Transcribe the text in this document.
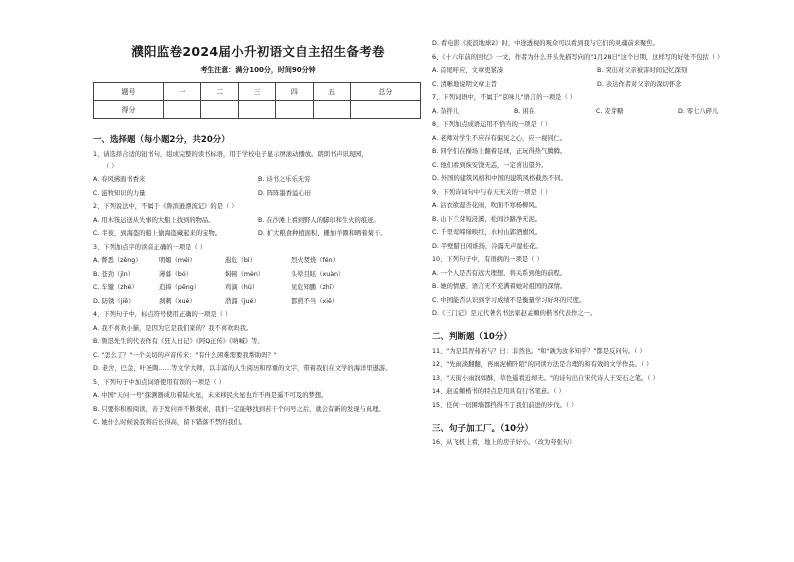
濮阳监卷2024届小升初语文自主招生备考卷
考生注意：满分100分，时间90分钟
题号	一	二	三	四	五	总分
得分						
一、选择题（每小题2分，共20分）
1、请选择合适的钮书句，组成完整的读书标语，用于学校电子显示屏滚动播放。朗朗书声讯现园，
（ ）
A. 春风拂面书香来	B. 诗书之乐乐无穷
C. 滋牧知识的力量	D. 阵阵墨香溢心田
2、下列说法中，不属于《鲁滨逊漂流记》的是（ ）
A. 用木筏运送从失事的大船上找到的物品。	B. 在沙滩上看到野人的脚印和生火的痕迹。
C. 半夜，到海盗的船上偷海盗藏起来的宝物。	D. 扩大粮食种植面积，栅加羊圈和晒着菊干。
3、下列加点字的读音正确的一项是（ ）
A. 瞥悉（zēng）	明媚（méi）	遐危（bì）	烈火焚烧（fén）
B. 苍劲（jìn）	薄暮（bó）	焖顿（mèn）	头晕目眩（xuàn）
C. 车辙（zhé）	追捧（pěng）	鸡滴（hù）	见危知鹏（zhī）
D. 防锈（jiē）	刹刺（xuè）	潜溜（jué）	都煎不当（xiē）
4、下列句子中，标点符号使用正确的一项是（ ）
A. 我不喜欢小猫，是因为它是我们家的？我不喜欢吗我。
B. 鲁迅先生的代表作有《狂人日记》《阿Q正传》《呐喊》等。
C. "怎么了？"一个关切的声音传来："有什么困难需要我帮助吗？"
D. 老舍，巴金，叶圣陶……等文学大师，以丰富的人生阅历和厚重的文字，带着我们在文学的海洋里遨游。
5、下列句子中加点词语使用有误的一项是（ ）
A. 中国"天问一号"探测器成功着陆火星，未来移民火星也许不再是遥不可及的梦想。
B. 只要你积极阅读，善于发问并不断探索，我们一定能够找到若干个问号之后，就会有新的发现与真理。
C. 她什么时候说我将后长得高，留下错落不禁的我们。
D. 看电影《流浪地球2》时，中途透视的观众可以看到我与它们的灵魂前来聚焦。
6、《十六年前的回忆》一文，作者为什么开头先描写向的"1月28日"这个日期，这样写的好处不包括（ ）
A. 首尾呼应，文章更紧凑	B. 突出对父亲被害时间记忆深刻
C. 清晰地说明文章主旨	D. 表达作者对父亲的深切怀念
7、下列词语中，不属于"京味儿"语言的一项是（ ）
A. 杂拌儿	B. 闲在	C. 麦芽糖	D. 零七八碎儿
8、下列加点成语运用不恰当的一项是（ ）
A. 老师对学生不应存有偏见之心，应一视同仁。
B. 同学们在操场上翻着足球，正玩得热气腾腾。
C. 他们看到恢安饶无恙，一定喜出望外。
D. 外国的建筑风格和中国的建筑风格截然不同。
9、下列诗词句中与春天无关的一项是（ ）
A. 沾衣欲湿杏花雨，吹面不寒杨柳风。
B. 山下兰芽短浸溪，松间沙路净无泥。
C. 千里莺啼绿映红，水村山郭酒旗风。
D. 半壁腊日闲谁扬，冷露无声湿桂花。
10、下列句子中，有语病的一项是（ ）
A. 一个人是否有远大理想，将关系到他的前程。
B. 她的情感、语言无不充满着她对祖国的深情。
C. 中国能否认识到学习成绩不是衡量学习好坏的尺度。
D.《三门记》是元代著名书法家赵孟頫的楷书代表作之一。
二、判断题（10分）
11、"为是其智弗若与？曰：非然也。"和"孰为汝多知乎？"都是反问句。（ ）
12、"先雨淡翻翻，再雨泥横阡陌"的同读方法是合理的和有效的文学作品。（ ）
13、"天街小雨润如酥，草色遥看近却无。"的诗句出自宋代诗人王安石之笔。（ ）
14、赵孟頫楷书的特点是用具有行书笔意。（ ）
15、任何一切围墙都挡得不了我们前进的步伐。（ ）
三、句子加工厂。（10分）
16、从飞机上看，地上的房子好小。（改为夸张句）
